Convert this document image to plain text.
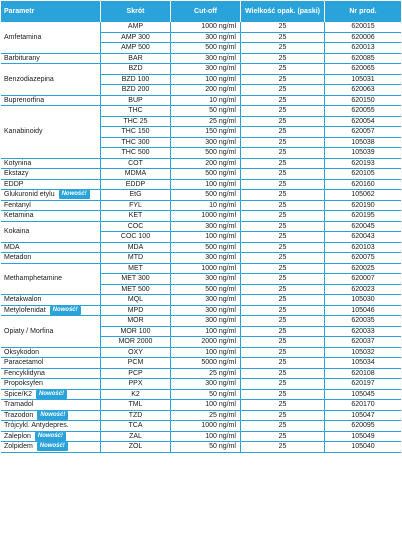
Parametr	Skrót	Cut-off	Wielkość opak. (paski)	Nr prod.
Amfetamina
AMP	1000 ng/ml	25	620015
AMP 300	300 ng/ml	25	620006
AMP 500	500 ng/ml	25	620013
Barbiturany	BAR	300 ng/ml	25	620085
Benzodiazepina
BZD	300 ng/ml	25	620065
BZD 100	100 ng/ml	25	105031
BZD 200	200 ng/ml	25	620063
Buprenorfina	BUP	10 ng/ml	25	620150
Kanabinoidy
THC	50 ng/ml	25	620055
THC 25	25 ng/ml	25	620054
THC 150	150 ng/ml	25	620057
THC 300	300 ng/ml	25	105038
THC 500	500 ng/ml	25	105039
Kotynina	COT	200 ng/ml	25	620193
Ekstazy	MDMA	500 ng/ml	25	620105
EDDP	EDDP	100 ng/ml	25	620160
Glukuronid etylu	Nowość!	EtG	500 ng/ml	25	105062
Fentanyl	FYL	10 ng/ml	25	620190
Ketamina	KET	1000 ng/ml	25	620195
Kokaina
COC	300 ng/ml	25	620045
COC 100	100 ng/ml	25	620043
MDA	MDA	500 ng/ml	25	620103
Metadon	MTD	300 ng/ml	25	620075
Methamphetamine
MET	1000 ng/ml	25	620025
MET 300	300 ng/ml	25	620007
MET 500	500 ng/ml	25	620023
Metakwalon	MQL	300 ng/ml	25	105030
Metylofenidat	Nowość!	MPD	300 ng/ml	25	105046
Opiaty / Morfina
MOR	300 ng/ml	25	620035
MOR 100	100 ng/ml	25	620033
MOR 2000	2000 ng/ml	25	620037
Oksykodon	OXY	100 ng/ml	25	105032
Paracetamol	PCM	5000 ng/ml	25	105034
Fencyklidyna	PCP	25 ng/ml	25	620108
Propoksyfen	PPX	300 ng/ml	25	620197
Spice/K2	Nowość!	K2	50 ng/ml	25	105045
Tramadol	TML	100 ng/ml	25	620170
Trazodon	Nowość!	TZD	25 ng/ml	25	105047
Trójcykl. Antydepres.	TCA	1000 ng/ml	25	620095
Zaleplon	Nowość!	ZAL	100 ng/ml	25	105049
Zolpidem	Nowość!	ZOL	50 ng/ml	25	105040
